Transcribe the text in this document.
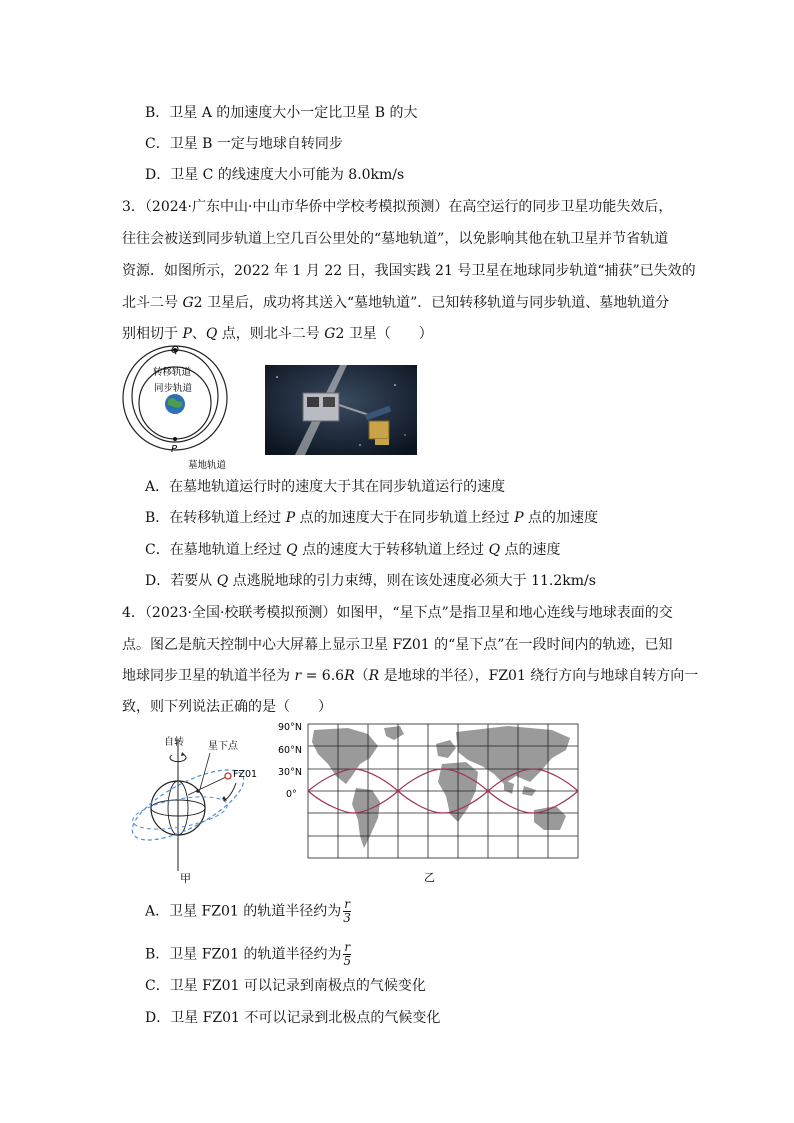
B．卫星 A 的加速度大小一定比卫星 B 的大
C．卫星 B 一定与地球自转同步
D．卫星 C 的线速度大小可能为 8.0km/s
3．（2024·广东中山·中山市华侨中学校考模拟预测）在高空运行的同步卫星功能失效后，
往往会被送到同步轨道上空几百公里处的“墓地轨道”，以免影响其他在轨卫星并节省轨道
资源．如图所示，2022 年 1 月 22 日，我国实践 21 号卫星在地球同步轨道“捕获”已失效的
北斗二号 G2 卫星后，成功将其送入“墓地轨道”．已知转移轨道与同步轨道、墓地轨道分
别相切于 P、Q 点，则北斗二号 G2 卫星（　　）
Q
P
转移轨道
同步轨道
墓地轨道
A．在墓地轨道运行时的速度大于其在同步轨道运行的速度
B．在转移轨道上经过 P 点的加速度大于在同步轨道上经过 P 点的加速度
C．在墓地轨道上经过 Q 点的速度大于转移轨道上经过 Q 点的速度
D．若要从 Q 点逃脱地球的引力束缚，则在该处速度必须大于 11.2km/s
4．（2023·全国·校联考模拟预测）如图甲，“星下点”是指卫星和地心连线与地球表面的交
点。图乙是航天控制中心大屏幕上显示卫星 FZ01 的“星下点”在一段时间内的轨迹，已知
地球同步卫星的轨道半径为 r = 6.6R（R 是地球的半径），FZ01 绕行方向与地球自转方向一
致，则下列说法正确的是（　　）
自转 星下点
FZ01
甲
90°N
60°N
30°N
0°
乙
A．卫星 FZ01 的轨道半径约为 $\frac{r}{3}$
B．卫星 FZ01 的轨道半径约为 $\frac{r}{5}$
C．卫星 FZ01 可以记录到南极点的气候变化
D．卫星 FZ01 不可以记录到北极点的气候变化
